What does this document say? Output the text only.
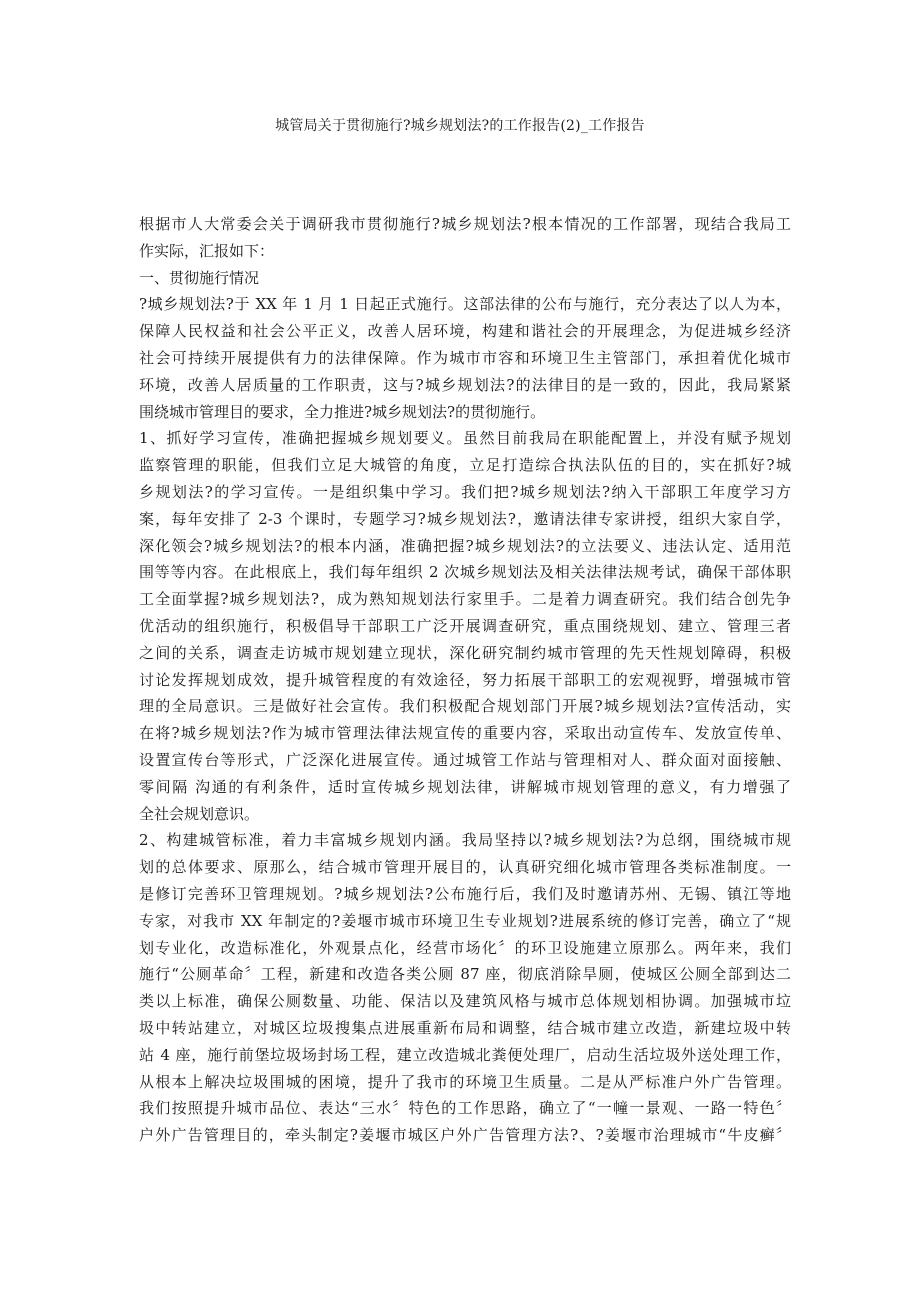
城管局关于贯彻施行?城乡规划法?的工作报告(2)_工作报告
根据市人大常委会关于调研我市贯彻施行?城乡规划法?根本情况的工作部署，现结合我局工
作实际，汇报如下：
一、贯彻施行情况
?城乡规划法?于 XX 年 1 月 1 日起正式施行。这部法律的公布与施行，充分表达了以人为本，
保障人民权益和社会公平正义，改善人居环境，构建和谐社会的开展理念，为促进城乡经济
社会可持续开展提供有力的法律保障。作为城市市容和环境卫生主管部门，承担着优化城市
环境，改善人居质量的工作职责，这与?城乡规划法?的法律目的是一致的，因此，我局紧紧
围绕城市管理目的要求，全力推进?城乡规划法?的贯彻施行。
1、抓好学习宣传，准确把握城乡规划要义。虽然目前我局在职能配置上，并没有赋予规划
监察管理的职能，但我们立足大城管的角度，立足打造综合执法队伍的目的，实在抓好?城
乡规划法?的学习宣传。一是组织集中学习。我们把?城乡规划法?纳入干部职工年度学习方
案，每年安排了 2-3 个课时，专题学习?城乡规划法?，邀请法律专家讲授，组织大家自学，
深化领会?城乡规划法?的根本内涵，准确把握?城乡规划法?的立法要义、违法认定、适用范
围等等内容。在此根底上，我们每年组织 2 次城乡规划法及相关法律法规考试，确保干部体职
工全面掌握?城乡规划法?，成为熟知规划法行家里手。二是着力调查研究。我们结合创先争
优活动的组织施行，积极倡导干部职工广泛开展调查研究，重点围绕规划、建立、管理三者
之间的关系，调查走访城市规划建立现状，深化研究制约城市管理的先天性规划障碍，积极
讨论发挥规划成效，提升城管程度的有效途径，努力拓展干部职工的宏观视野，增强城市管
理的全局意识。三是做好社会宣传。我们积极配合规划部门开展?城乡规划法?宣传活动，实
在将?城乡规划法?作为城市管理法律法规宣传的重要内容，采取出动宣传车、发放宣传单、
设置宣传台等形式，广泛深化进展宣传。通过城管工作站与管理相对人、群众面对面接触、
零间隔 沟通的有利条件，适时宣传城乡规划法律，讲解城市规划管理的意义，有力增强了
全社会规划意识。
2、构建城管标准，着力丰富城乡规划内涵。我局坚持以?城乡规划法?为总纲，围绕城市规
划的总体要求、原那么，结合城市管理开展目的，认真研究细化城市管理各类标准制度。一
是修订完善环卫管理规划。?城乡规划法?公布施行后，我们及时邀请苏州、无锡、镇江等地
专家，对我市 XX 年制定的?姜堰市城市环境卫生专业规划?进展系统的修订完善，确立了“规
划专业化，改造标准化，外观景点化，经营市场化〞的环卫设施建立原那么。两年来，我们
施行“公厕革命〞工程，新建和改造各类公厕 87 座，彻底消除旱厕，使城区公厕全部到达二
类以上标准，确保公厕数量、功能、保洁以及建筑风格与城市总体规划相协调。加强城市垃
圾中转站建立，对城区垃圾搜集点进展重新布局和调整，结合城市建立改造，新建垃圾中转
站 4 座，施行前堡垃圾场封场工程，建立改造城北粪便处理厂，启动生活垃圾外送处理工作，
从根本上解决垃圾围城的困境，提升了我市的环境卫生质量。二是从严标准户外广告管理。
我们按照提升城市品位、表达“三水〞特色的工作思路，确立了“一幢一景观、一路一特色〞
户外广告管理目的，牵头制定?姜堰市城区户外广告管理方法?、?姜堰市治理城市“牛皮癣〞
